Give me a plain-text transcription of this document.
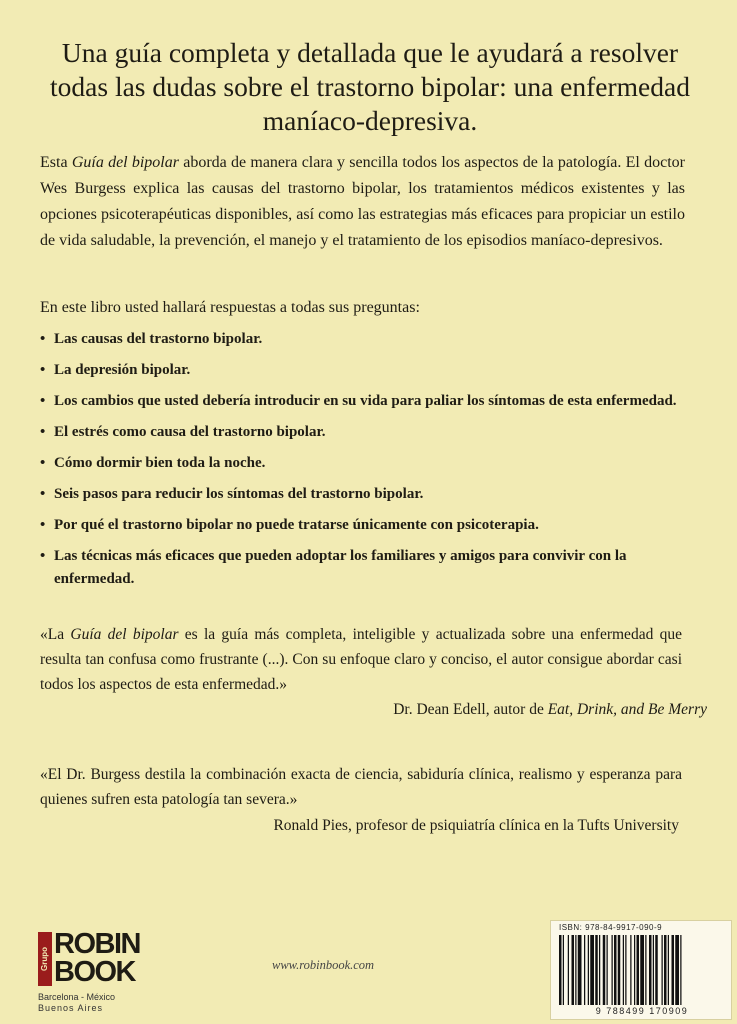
Una guía completa y detallada que le ayudará a resolver todas las dudas sobre el trastorno bipolar: una enfermedad maníaco-depresiva.

Esta Guía del bipolar aborda de manera clara y sencilla todos los aspectos de la patología. El doctor Wes Burgess explica las causas del trastorno bipolar, los tratamientos médicos existentes y las opciones psicoterapéuticas disponibles, así como las estrategias más eficaces para propiciar un estilo de vida saludable, la prevención, el manejo y el tratamiento de los episodios maníaco-depresivos.

En este libro usted hallará respuestas a todas sus preguntas:
• Las causas del trastorno bipolar.
• La depresión bipolar.
• Los cambios que usted debería introducir en su vida para paliar los síntomas de esta enfermedad.
• El estrés como causa del trastorno bipolar.
• Cómo dormir bien toda la noche.
• Seis pasos para reducir los síntomas del trastorno bipolar.
• Por qué el trastorno bipolar no puede tratarse únicamente con psicoterapia.
• Las técnicas más eficaces que pueden adoptar los familiares y amigos para convivir con la enfermedad.
«La Guía del bipolar es la guía más completa, inteligible y actualizada sobre una enfermedad que resulta tan confusa como frustrante (...). Con su enfoque claro y conciso, el autor consigue abordar casi todos los aspectos de esta enfermedad.»
Dr. Dean Edell, autor de Eat, Drink, and Be Merry
«El Dr. Burgess destila la combinación exacta de ciencia, sabiduría clínica, realismo y esperanza para quienes sufren esta patología tan severa.»
Ronald Pies, profesor de psiquiatría clínica en la Tufts University
Grupo ROBIN
BOOK
Barcelona - México
Buenos Aires
www.robinbook.com
ISBN: 978-84-9917-090-9
9 788499 170909
